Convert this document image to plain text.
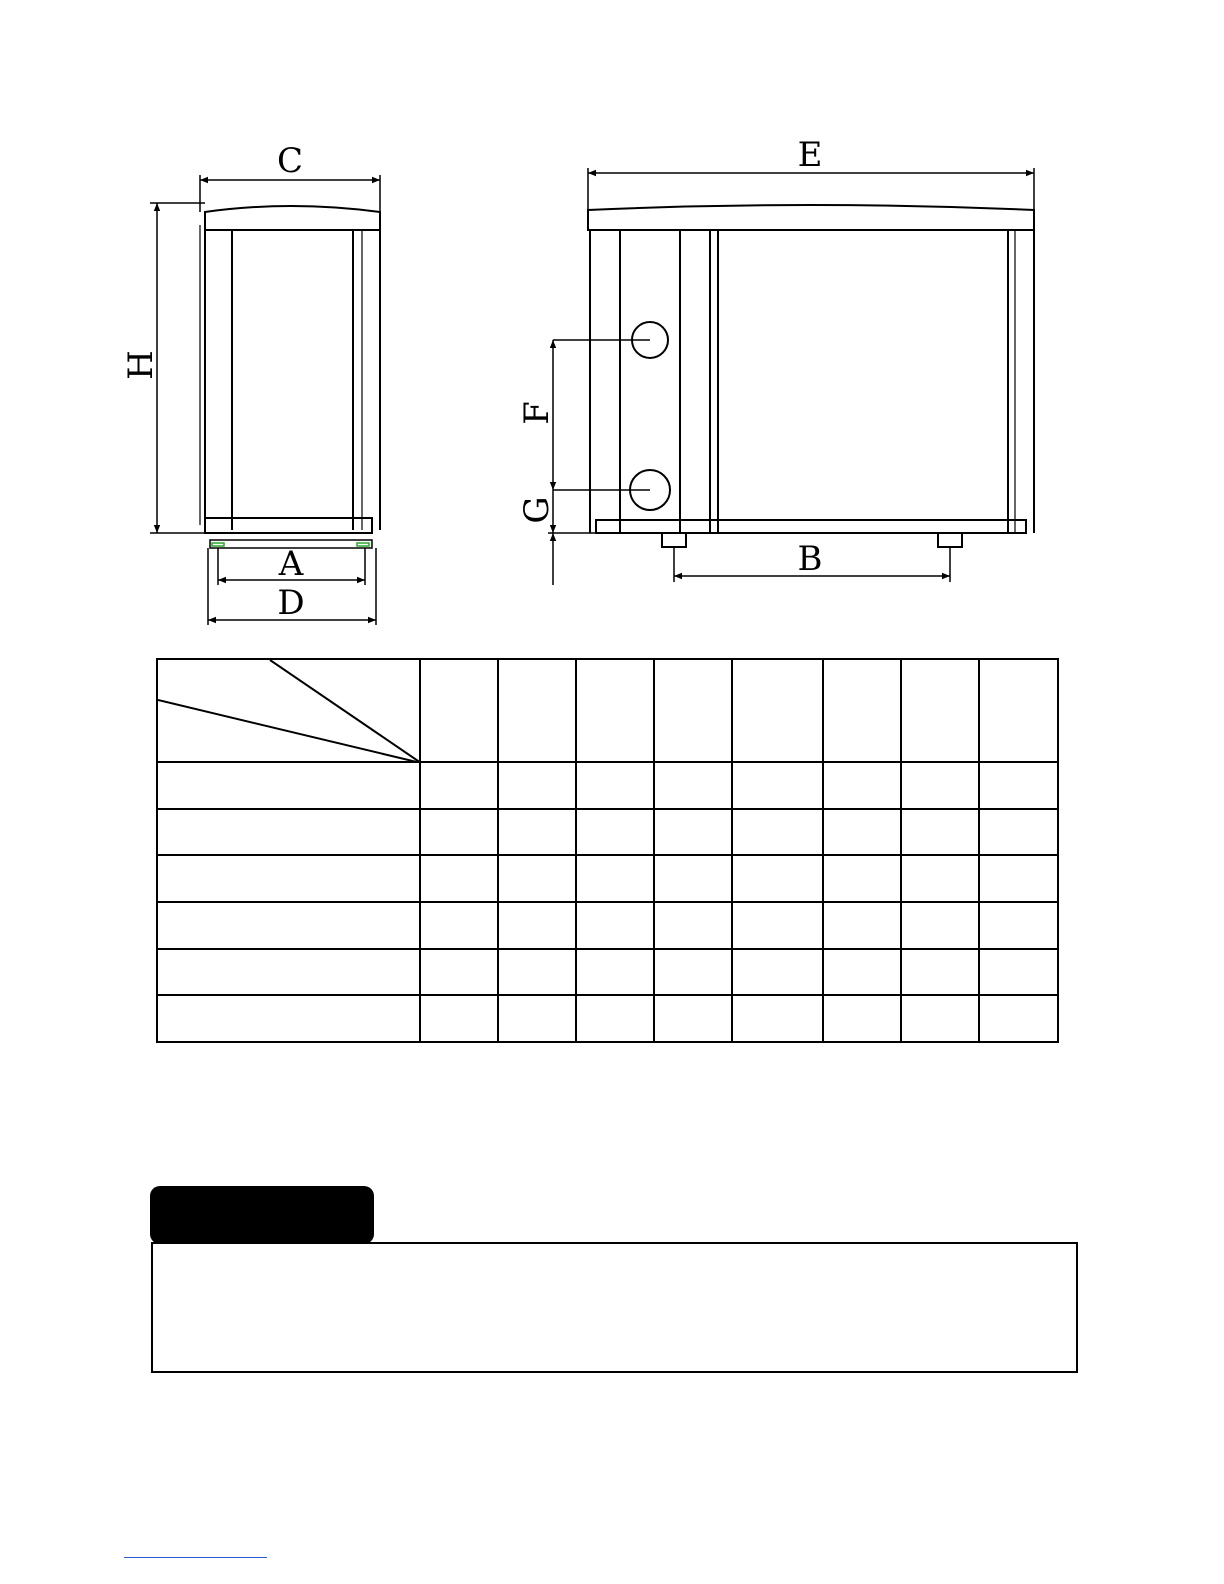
C
H
A
D
E
F
G
B
